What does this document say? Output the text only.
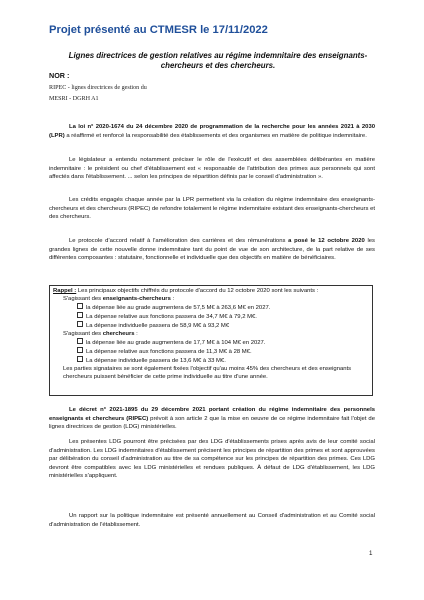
Projet présenté au CTMESR le 17/11/2022
Lignes directrices de gestion relatives au régime indemnitaire des enseignants-chercheurs et des chercheurs.
NOR :
RIPEC - lignes directrices de gestion du
MESRI - DGRH A1

La loi n° 2020-1674 du 24 décembre 2020 de programmation de la recherche pour les années 2021 à 2030 (LPR) a réaffirmé et renforcé la responsabilité des établissements et des organismes en matière de politique indemnitaire.

Le législateur a entendu notamment préciser le rôle de l'exécutif et des assemblées délibérantes en matière indemnitaire : le président ou chef d'établissement est « responsable de l'attribution des primes aux personnels qui sont affectés dans l'établissement. ... selon les principes de répartition définis par le conseil d'administration ».

Les crédits engagés chaque année par la LPR permettent via la création du régime indemnitaire des enseignants-chercheurs et des chercheurs (RIPEC) de refondre totalement le régime indemnitaire existant des enseignants-chercheurs et des chercheurs.

Le protocole d'accord relatif à l'amélioration des carrières et des rémunérations a posé le 12 octobre 2020 les grandes lignes de cette nouvelle donne indemnitaire tant du point de vue de son architecture, de la part relative de ses différentes composantes : statutaire, fonctionnelle et individuelle que des objectifs en matière de bénéficiaires.

Rappel : Les principaux objectifs chiffrés du protocole d'accord du 12 octobre 2020 sont les suivants :
S'agissant des enseignants-chercheurs :
la dépense liée au grade augmentera de 57,5 M€ à 263,6 M€ en 2027.
La dépense relative aux fonctions passera de 34,7 M€ à 79,2 M€.
La dépense individuelle passera de 58,9 M€ à 93,2 M€
S'agissant des chercheurs :
la dépense liée au grade augmentera de 17,7 M€ à 104 M€ en 2027.
La dépense relative aux fonctions passera de 11,3 M€ à 28 M€.
La dépense individuelle passera de 13,6 M€ à 33 M€.
Les parties signataires se sont également fixées l'objectif qu'au moins 45% des chercheurs et des enseignants chercheurs puissent bénéficier de cette prime individuelle au titre d'une année.

Le décret n° 2021-1895 du 29 décembre 2021 portant création du régime indemnitaire des personnels enseignants et chercheurs (RIPEC) prévoit à son article 2 que la mise en oeuvre de ce régime indemnitaire fait l'objet de lignes directrices de gestion (LDG) ministérielles.

Les présentes LDG pourront être précisées par des LDG d'établissements prises après avis de leur comité social d'administration. Les LDG indemnitaires d'établissement précisent les principes de répartition des primes et sont approuvées par délibération du conseil d'administration au titre de sa compétence sur les principes de répartition des primes. Ces LDG devront être compatibles avec les LDG ministérielles et rendues publiques. À défaut de LDG d'établissement, les LDG ministérielles s'appliquent.

Un rapport sur la politique indemnitaire est présenté annuellement au Conseil d'administration et au Comité social d'administration de l'établissement.

1
